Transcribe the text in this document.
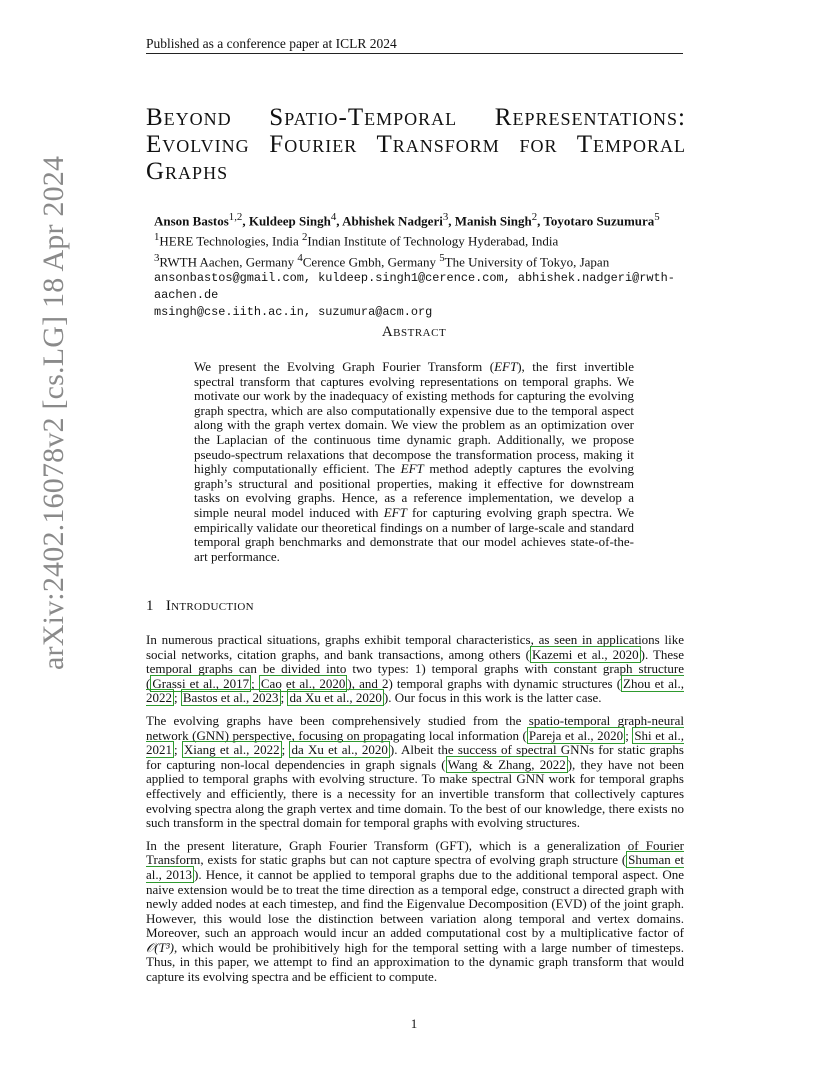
Published as a conference paper at ICLR 2024
arXiv:2402.16078v2 [cs.LG] 18 Apr 2024
Beyond Spatio-Temporal Representations:
Evolving Fourier Transform for Temporal
Graphs
Anson Bastos$^{1,2}$, Kuldeep Singh$^4$, Abhishek Nadgeri$^3$, Manish Singh$^2$, Toyotaro Suzumura$^5$
$^1$HERE Technologies, India $^2$Indian Institute of Technology Hyderabad, India
$^3$RWTH Aachen, Germany $^4$Cerence Gmbh, Germany $^5$The University of Tokyo, Japan
ansonbastos@gmail.com, kuldeep.singh1@cerence.com, abhishek.nadgeri@rwth-aachen.de
msingh@cse.iith.ac.in, suzumura@acm.org
Abstract
We present the Evolving Graph Fourier Transform (EFT), the first invertible spectral transform that captures evolving representations on temporal graphs. We motivate our work by the inadequacy of existing methods for capturing the evolving graph spectra, which are also computationally expensive due to the temporal aspect along with the graph vertex domain. We view the problem as an optimization over the Laplacian of the continuous time dynamic graph. Additionally, we propose pseudo-spectrum relaxations that decompose the transformation process, making it highly computationally efficient. The EFT method adeptly captures the evolving graph’s structural and positional properties, making it effective for downstream tasks on evolving graphs. Hence, as a reference implementation, we develop a simple neural model induced with EFT for capturing evolving graph spectra. We empirically validate our theoretical findings on a number of large-scale and standard temporal graph benchmarks and demonstrate that our model achieves state-of-the-art performance.
1 Introduction

In numerous practical situations, graphs exhibit temporal characteristics, as seen in applications like social networks, citation graphs, and bank transactions, among others ( Kazemi et al., 2020 ). These temporal graphs can be divided into two types: 1) temporal graphs with constant graph structure ( Grassi et al., 2017 ; Cao et al., 2020 ), and 2) temporal graphs with dynamic structures ( Zhou et al., 2022 ; Bastos et al., 2023 ; da Xu et al., 2020 ). Our focus in this work is the latter case.

The evolving graphs have been comprehensively studied from the spatio-temporal graph-neural network (GNN) perspective, focusing on propagating local information ( Pareja et al., 2020 ; Shi et al., 2021 ; Xiang et al., 2022 ; da Xu et al., 2020 ). Albeit the success of spectral GNNs for static graphs for capturing non-local dependencies in graph signals ( Wang & Zhang, 2022 ), they have not been applied to temporal graphs with evolving structure. To make spectral GNN work for temporal graphs effectively and efficiently, there is a necessity for an invertible transform that collectively captures evolving spectra along the graph vertex and time domain. To the best of our knowledge, there exists no such transform in the spectral domain for temporal graphs with evolving structures.

In the present literature, Graph Fourier Transform (GFT), which is a generalization of Fourier Transform, exists for static graphs but can not capture spectra of evolving graph structure ( Shuman et al., 2013 ). Hence, it cannot be applied to temporal graphs due to the additional temporal aspect. One naive extension would be to treat the time direction as a temporal edge, construct a directed graph with newly added nodes at each timestep, and find the Eigenvalue Decomposition (EVD) of the joint graph. However, this would lose the distinction between variation along temporal and vertex domains. Moreover, such an approach would incur an added computational cost by a multiplicative factor of 𝒪(T³), which would be prohibitively high for the temporal setting with a large number of timesteps. Thus, in this paper, we attempt to find an approximation to the dynamic graph transform that would capture its evolving spectra and be efficient to compute.

1
